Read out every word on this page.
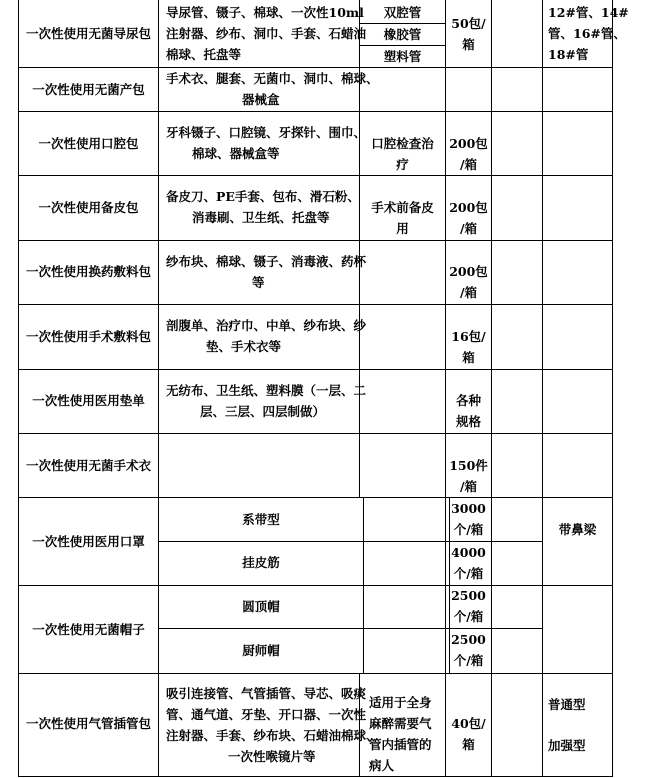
一次性使用无菌导尿包
导尿管、镊子、棉球、一次性10ml
注射器、纱布、洞巾、手套、石蜡油
棉球、托盘等
双腔管
橡胶管
塑料管
50包/
箱
12#管、14#
管、16#管、
18#管
一次性使用无菌产包
手术衣、腿套、无菌巾、洞巾、棉球、
器械盒
一次性使用口腔包
牙科镊子、口腔镜、牙探针、围巾、
棉球、器械盒等
口腔检查治
疗
200包
/箱
一次性使用备皮包
备皮刀、PE手套、包布、滑石粉、
消毒刷、卫生纸、托盘等
手术前备皮
用
200包
/箱
一次性使用换药敷料包
纱布块、棉球、镊子、消毒液、药杯
等
200包
/箱
一次性使用手术敷料包
剖腹单、治疗巾、中单、纱布块、纱
垫、手术衣等
16包/
箱
一次性使用医用垫单
无纺布、卫生纸、塑料膜（一层、二
层、三层、四层制做）
各种
规格
一次性使用无菌手术衣	150件
/箱
一次性使用医用口罩
系带型
挂皮筋
3000
个/箱
4000
个/箱
带鼻梁
一次性使用无菌帽子
圆顶帽
厨师帽
2500
个/箱
2500
个/箱
一次性使用气管插管包
吸引连接管、气管插管、导芯、吸痰
管、通气道、牙垫、开口器、一次性
注射器、手套、纱布块、石蜡油棉球、
一次性喉镜片等
适用于全身
麻醉需要气
管内插管的
病人
40包/
箱
普通型
加强型
